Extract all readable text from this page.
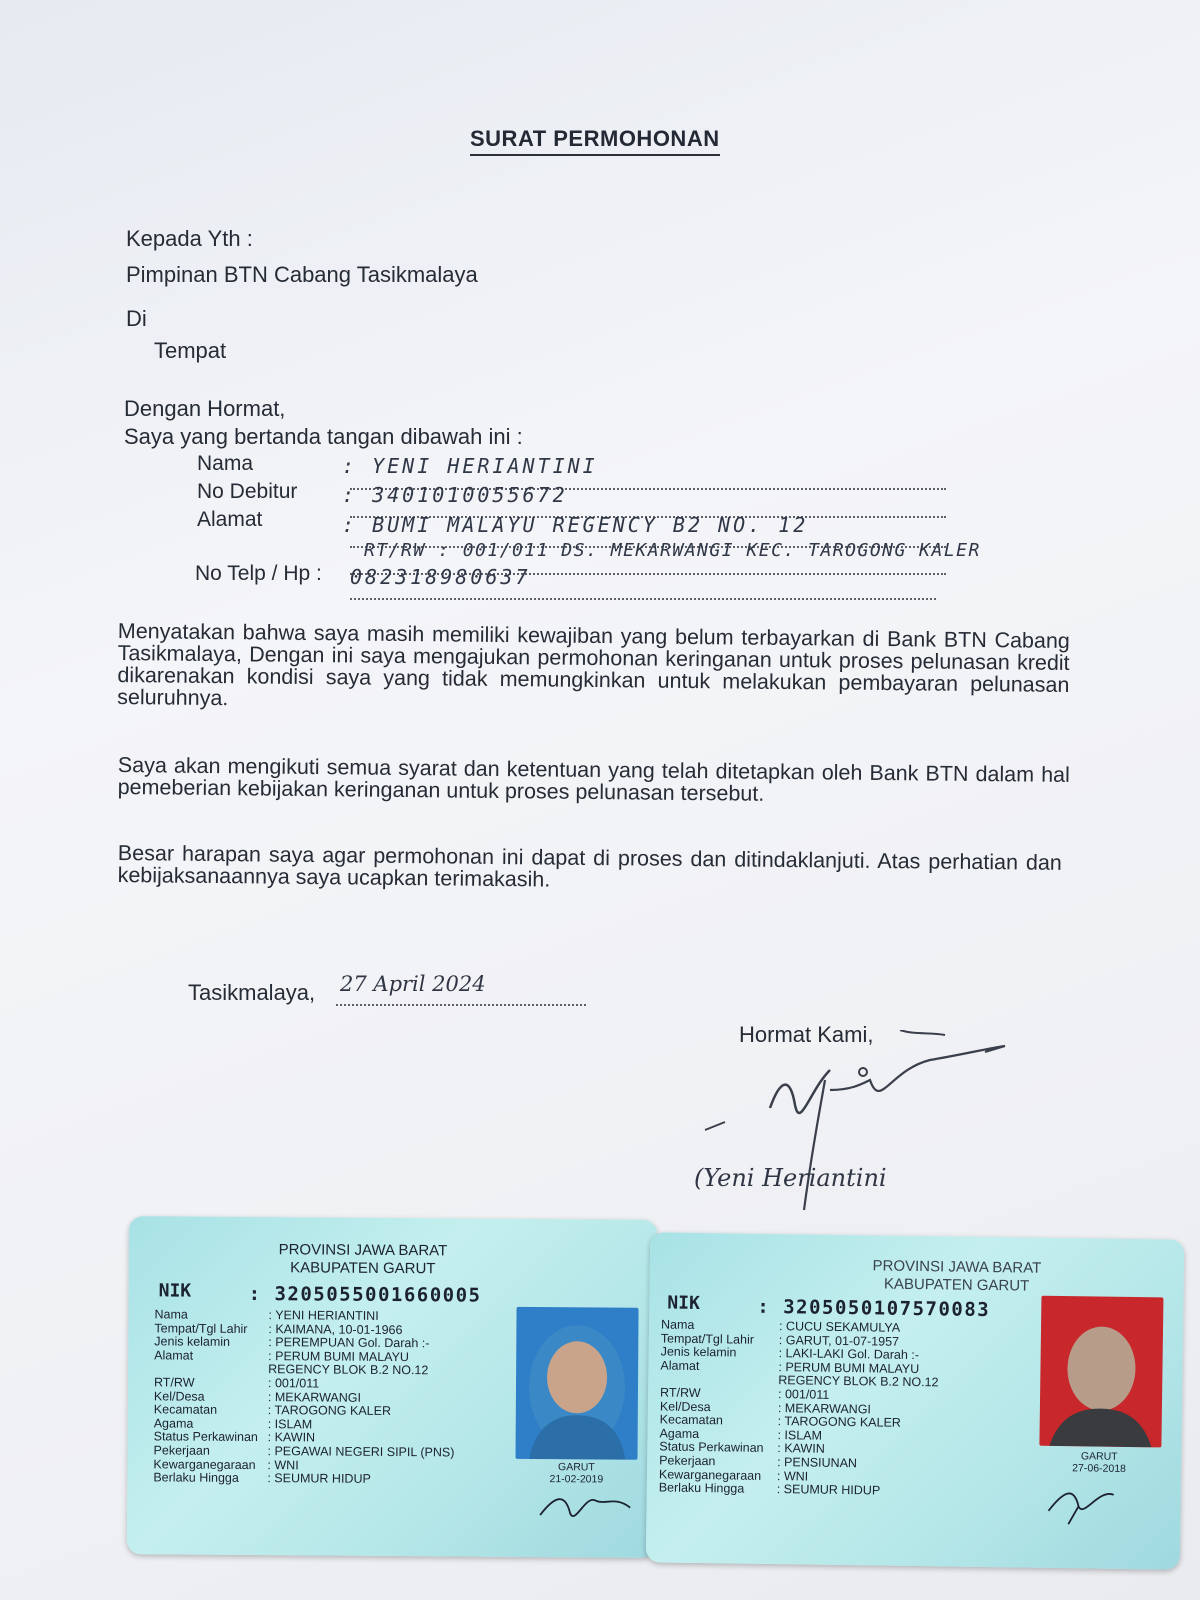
SURAT PERMOHONAN
Kepada Yth :
Pimpinan BTN Cabang Tasikmalaya
Di
Tempat
Dengan Hormat,
Saya yang bertanda tangan dibawah ini :
Nama	: YENI HERIANTINI
No Debitur : 3401010055672
Alamat	: BUMI MALAYU REGENCY B2 NO. 12
RT/RW : 001/011 DS. MEKARWANGI KEC. TAROGONG KALER
No Telp / Hp : 082318980637
Menyatakan bahwa saya masih memiliki kewajiban yang belum terbayarkan di Bank BTN Cabang Tasikmalaya, Dengan ini saya mengajukan permohonan keringanan untuk proses pelunasan kredit dikarenakan kondisi saya yang tidak memungkinkan untuk melakukan pembayaran pelunasan seluruhnya.
Saya akan mengikuti semua syarat dan ketentuan yang telah ditetapkan oleh Bank BTN dalam hal pemeberian kebijakan keringanan untuk proses pelunasan tersebut.
Besar harapan saya agar permohonan ini dapat di proses dan ditindaklanjuti. Atas perhatian dan kebijaksanaannya saya ucapkan terimakasih.
Tasikmalaya, 27 April 2024
Hormat Kami,
(Yeni Heriantini
PROVINSI JAWA BARAT
KABUPATEN GARUT
NIK	: 3205055001660005
Nama	: YENI HERIANTINI
Tempat/Tgl Lahir : KAIMANA, 10-01-1966
Jenis kelamin	: PEREMPUAN Gol. Darah :-
Alamat	: PERUM BUMI MALAYU
REGENCY BLOK B.2 NO.12
RT/RW	: 001/011
Kel/Desa	: MEKARWANGI
Kecamatan	: TAROGONG KALER
Agama	: ISLAM
Status Perkawinan : KAWIN
Pekerjaan	: PEGAWAI NEGERI SIPIL (PNS)
Kewarganegaraan : WNI
Berlaku Hingga : SEUMUR HIDUP
GARUT
21-02-2019
PROVINSI JAWA BARAT
KABUPATEN GARUT
NIK	: 3205050107570083
Nama	: CUCU SEKAMULYA
Tempat/Tgl Lahir : GARUT, 01-07-1957
Jenis kelamin	: LAKI-LAKI Gol. Darah :-
Alamat	: PERUM BUMI MALAYU
REGENCY BLOK B.2 NO.12
RT/RW	: 001/011
Kel/Desa	: MEKARWANGI
Kecamatan	: TAROGONG KALER
Agama	: ISLAM
Status Perkawinan : KAWIN
Pekerjaan	: PENSIUNAN
Kewarganegaraan : WNI
Berlaku Hingga	: SEUMUR HIDUP
GARUT
27-06-2018
